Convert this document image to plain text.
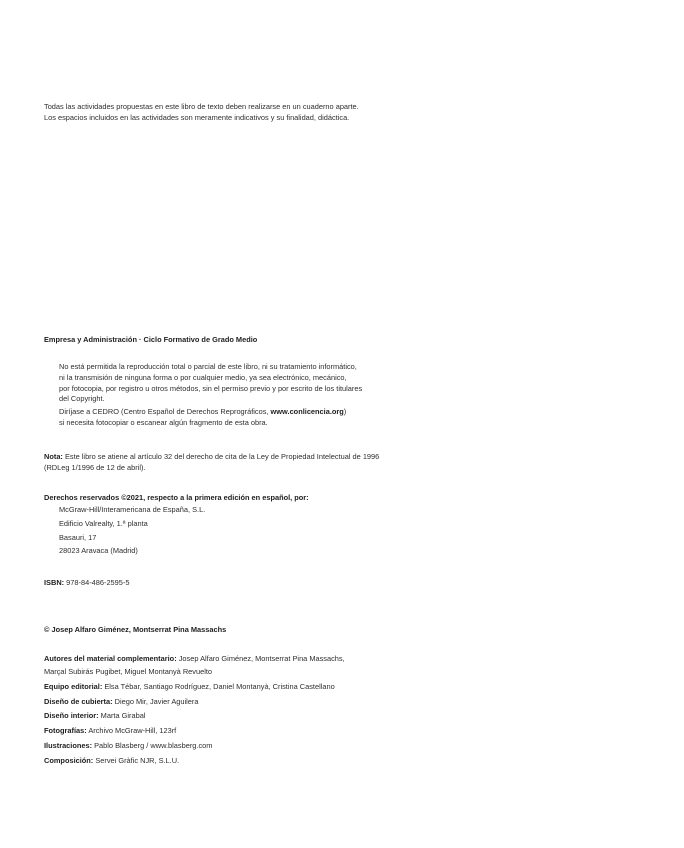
Todas las actividades propuestas en este libro de texto deben realizarse en un cuaderno aparte.
Los espacios incluidos en las actividades son meramente indicativos y su finalidad, didáctica.
Empresa y Administración · Ciclo Formativo de Grado Medio
No está permitida la reproducción total o parcial de este libro, ni su tratamiento informático,
ni la transmisión de ninguna forma o por cualquier medio, ya sea electrónico, mecánico,
por fotocopia, por registro u otros métodos, sin el permiso previo y por escrito de los titulares
del Copyright.
Diríjase a CEDRO (Centro Español de Derechos Reprográficos, www.conlicencia.org)
si necesita fotocopiar o escanear algún fragmento de esta obra.
Nota: Este libro se atiene al artículo 32 del derecho de cita de la Ley de Propiedad Intelectual de 1996
(RDLeg 1/1996 de 12 de abril).
Derechos reservados ©2021, respecto a la primera edición en español, por:
McGraw-Hill/Interamericana de España, S.L.
Edificio Valrealty, 1.ª planta
Basauri, 17
28023 Aravaca (Madrid)
ISBN: 978-84-486-2595-5
© Josep Alfaro Giménez, Montserrat Pina Massachs
Autores del material complementario: Josep Alfaro Giménez, Montserrat Pina Massachs,
Marçal Subirás Pugibet, Miguel Montanyà Revuelto
Equipo editorial: Elsa Tébar, Santiago Rodríguez, Daniel Montanyà, Cristina Castellano
Diseño de cubierta: Diego Mir, Javier Aguilera
Diseño interior: Marta Girabal
Fotografías: Archivo McGraw-Hill, 123rf
Ilustraciones: Pablo Blasberg / www.blasberg.com
Composición: Servei Gràfic NJR, S.L.U.
